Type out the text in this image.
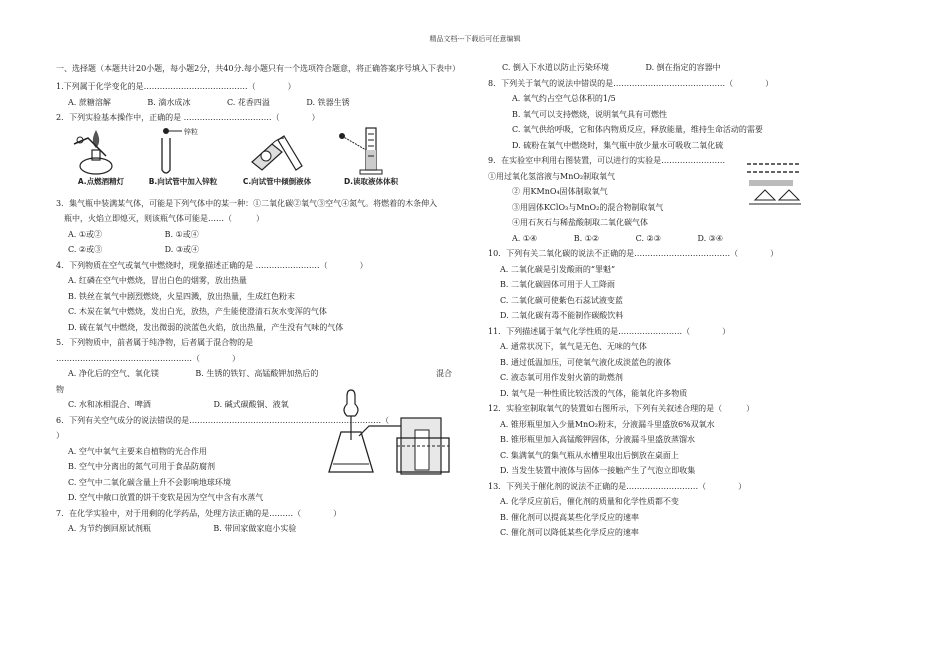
精品文档---下载后可任意编辑
一、选择题（本题共计20小题，每小题2分，共40分.每小题只有一个选项符合题意，将正确答案序号填入下表中）
1.下列属于化学变化的是…………………………………（　　　　）
A. 蔗糖溶解	B. 滴水成冰	C. 花香四溢	D. 铁器生锈
2．下列实验基本操作中，正确的是 ……………………………（　　　　）
A.点燃酒精灯
锌粒
B.向试管中加入锌粒	C.向试管中倾倒液体	D.读取液体体积
3．集气瓶中装满某气体，可能是下列气体中的某一种：①二氧化碳②氧气③空气④氮气。将燃着的木条伸入
瓶中，火焰立即熄灭，则该瓶气体可能是……（　　　）
A. ①或②	B. ①或④
C. ②或③	D. ③或④
4．下列物质在空气或氧气中燃烧时，现象描述正确的是 ……………………（　　　　）
A. 红磷在空气中燃烧，冒出白色的烟雾，放出热量
B. 铁丝在氧气中剧烈燃烧，火星四溅，放出热量，生成红色粉末
C. 木炭在氧气中燃烧，发出白光，放热，产生能使澄清石灰水变浑的气体
D. 硫在氧气中燃烧，发出微弱的淡蓝色火焰，放出热量，产生没有气味的气体
5．下列物质中，前者属于纯净物，后者属于混合物的是
……………………………………………（　　　　）
A. 净化后的空气、氧化镁	B. 生锈的铁钉、高锰酸钾加热后的	混合
物
C. 水和冰相混合、啤酒	D. 碱式碳酸铜、液氧
6．下列有关空气成分的说法错误的是………………………………………………………………（
）
A. 空气中氧气主要来自植物的光合作用
B. 空气中分离出的氮气可用于食品防腐剂
C. 空气中二氧化碳含量上升不会影响地球环境
D. 空气中敞口放置的饼干变软是因为空气中含有水蒸气
7．在化学实验中，对于用剩的化学药品，处理方法正确的是………（　　　　）
A. 为节约倒回原试剂瓶	B. 带回家做家庭小实验
C. 倒入下水道以防止污染环境	D. 倒在指定的容器中
8．下列关于氧气的说法中错误的是……………………………………（　　　　）
A. 氧气约占空气总体积的1/5
B. 氧气可以支持燃烧，说明氧气具有可燃性
C. 氧气供给呼吸，它和体内物质反应，释放能量，维持生命活动的需要
D. 硫粉在氧气中燃烧时，集气瓶中放少量水可吸收二氧化硫
9．在实验室中利用右图装置，可以进行的实验是……………………
①用过氧化氢溶液与MnO₂制取氧气
② 用KMnO₄固体制取氧气
③用固体KClO₃与MnO₂的混合物制取氧气
④用石灰石与稀盐酸制取二氧化碳气体
A. ①④	B. ①②	C. ②③	D. ③④
10．下列有关二氧化碳的说法不正确的是………………………………（　　　　）
A. 二氧化碳是引发酸雨的“罪魁”
B. 二氧化碳固体可用于人工降雨
C. 二氧化碳可使紫色石蕊试液变蓝
D. 二氧化碳有毒不能制作碳酸饮料
11．下列描述属于氧气化学性质的是……………………（　　　　）
A. 通常状况下，氧气是无色、无味的气体
B. 通过低温加压，可使氧气液化成淡蓝色的液体
C. 液态氧可用作发射火箭的助燃剂
D. 氧气是一种性质比较活泼的气体，能氧化许多物质
12．实验室制取氧气的装置如右图所示，下列有关叙述合理的是（　　　）
A. 锥形瓶里加入少量MnO₂粉末，分液漏斗里盛放6%双氧水
B. 锥形瓶里加入高锰酸钾固体，分液漏斗里盛放蒸馏水
C. 集满氧气的集气瓶从水槽里取出后倒放在桌面上
D. 当发生装置中液体与固体一接触产生了气泡立即收集
13．下列关于催化剂的说法不正确的是………………………（　　　　）
A. 化学反应前后，催化剂的质量和化学性质都不变
B. 催化剂可以提高某些化学反应的速率
C. 催化剂可以降低某些化学反应的速率
